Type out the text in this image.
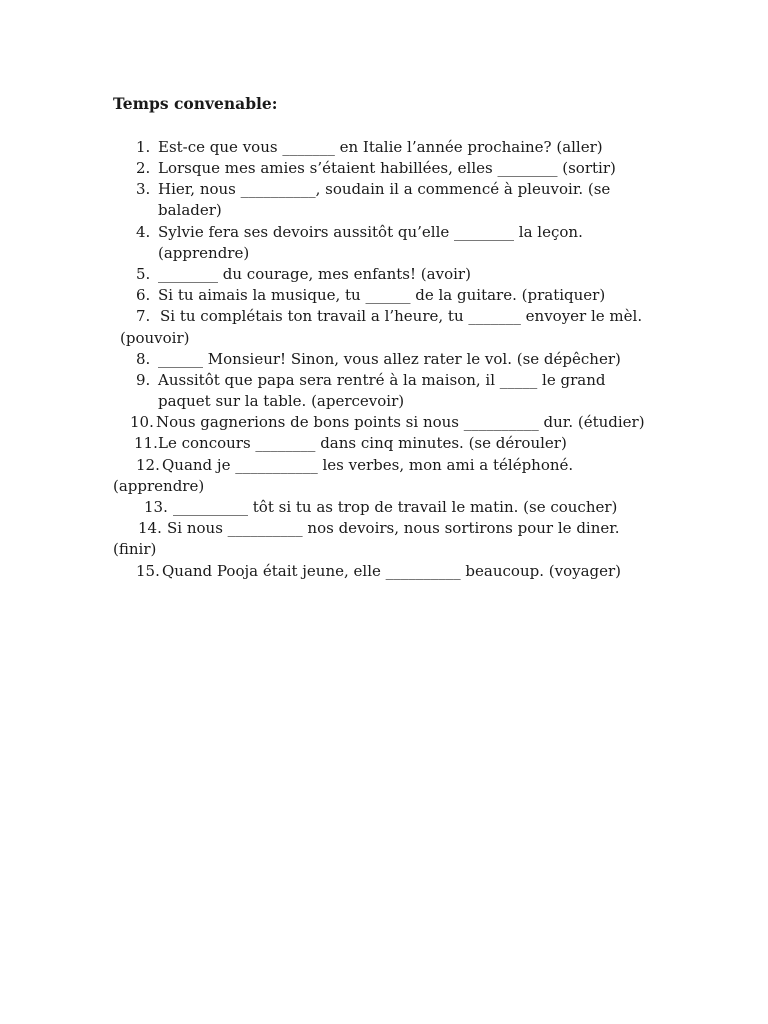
Temps convenable:
1. Est-ce que vous _______ en Italie l’année prochaine? (aller)
2. Lorsque mes amies s’étaient habillées, elles ________ (sortir)
3. Hier, nous __________, soudain il a commencé à pleuvoir. (se
balader)
4. Sylvie fera ses devoirs aussitôt qu’elle ________ la leçon.
(apprendre)
5. ________ du courage, mes enfants! (avoir)
6. Si tu aimais la musique, tu ______ de la guitare. (pratiquer)
7. Si tu complétais ton travail a l’heure, tu _______ envoyer le mèl.
(pouvoir)
8. ______ Monsieur! Sinon, vous allez rater le vol. (se dépêcher)
9. Aussitôt que papa sera rentré à la maison, il _____ le grand
paquet sur la table. (apercevoir)
10. Nous gagnerions de bons points si nous __________ dur. (étudier)
11. Le concours ________ dans cinq minutes. (se dérouler)
12. Quand je ___________ les verbes, mon ami a téléphoné.
(apprendre)
13. __________ tôt si tu as trop de travail le matin. (se coucher)
14. Si nous __________ nos devoirs, nous sortirons pour le diner.
(finir)
15. Quand Pooja était jeune, elle __________ beaucoup. (voyager)
